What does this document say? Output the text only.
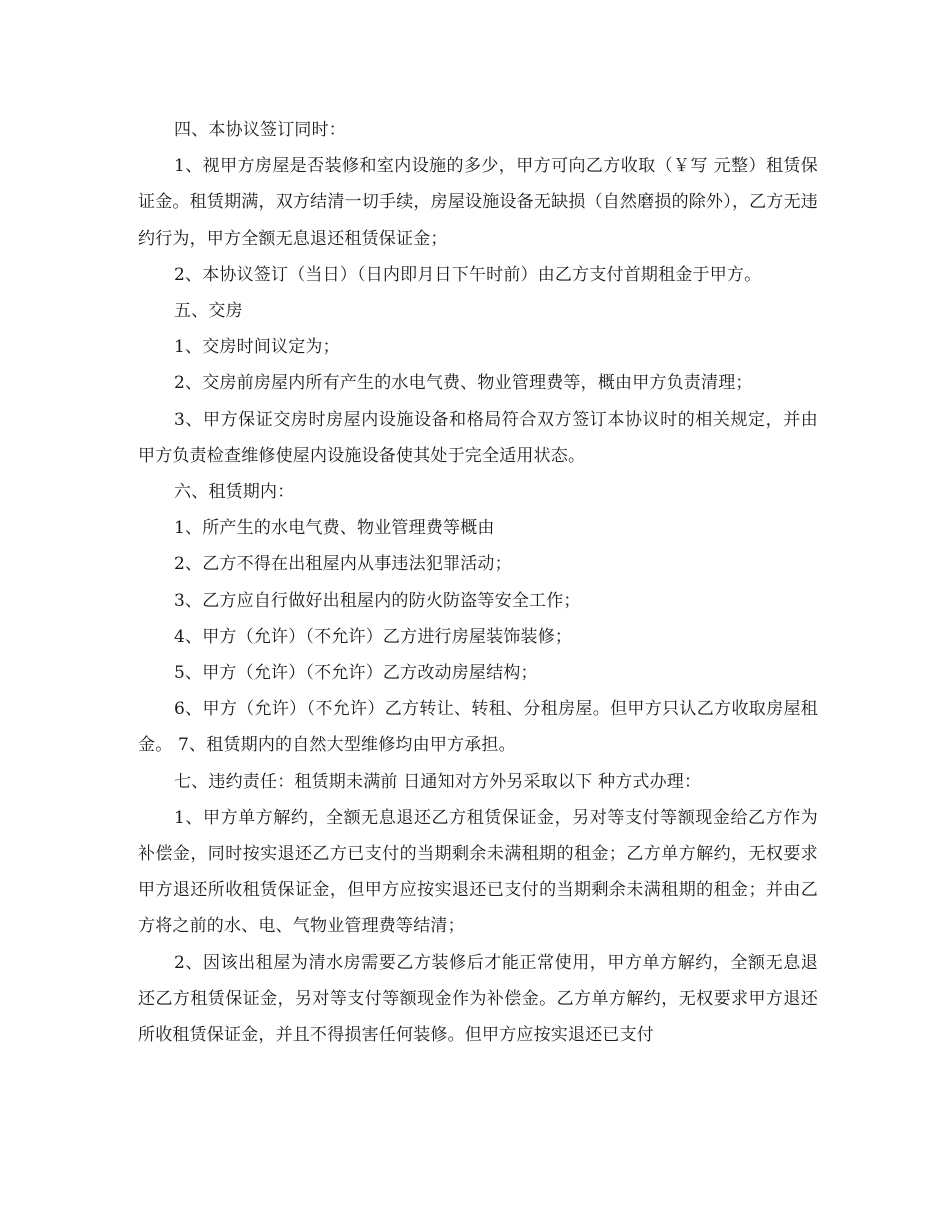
四、本协议签订同时：

1、视甲方房屋是否装修和室内设施的多少，甲方可向乙方收取（￥写 元整）租赁保证金。租赁期满，双方结清一切手续，房屋设施设备无缺损（自然磨损的除外），乙方无违约行为，甲方全额无息退还租赁保证金；

2、本协议签订（当日）（日内即月日下午时前）由乙方支付首期租金于甲方。

五、交房

1、交房时间议定为；

2、交房前房屋内所有产生的水电气费、物业管理费等，概由甲方负责清理；

3、甲方保证交房时房屋内设施设备和格局符合双方签订本协议时的相关规定，并由甲方负责检查维修使屋内设施设备使其处于完全适用状态。

六、租赁期内：

1、所产生的水电气费、物业管理费等概由

2、乙方不得在出租屋内从事违法犯罪活动；

3、乙方应自行做好出租屋内的防火防盗等安全工作；

4、甲方（允许）（不允许）乙方进行房屋装饰装修；

5、甲方（允许）（不允许）乙方改动房屋结构；

6、甲方（允许）（不允许）乙方转让、转租、分租房屋。但甲方只认乙方收取房屋租金。 7、租赁期内的自然大型维修均由甲方承担。

七、违约责任：租赁期未满前 日通知对方外另采取以下 种方式办理：

1、甲方单方解约，全额无息退还乙方租赁保证金，另对等支付等额现金给乙方作为补偿金，同时按实退还乙方已支付的当期剩余未满租期的租金；乙方单方解约，无权要求甲方退还所收租赁保证金，但甲方应按实退还已支付的当期剩余未满租期的租金；并由乙方将之前的水、电、气物业管理费等结清；

2、因该出租屋为清水房需要乙方装修后才能正常使用，甲方单方解约，全额无息退还乙方租赁保证金，另对等支付等额现金作为补偿金。乙方单方解约，无权要求甲方退还所收租赁保证金，并且不得损害任何装修。但甲方应按实退还已支付
